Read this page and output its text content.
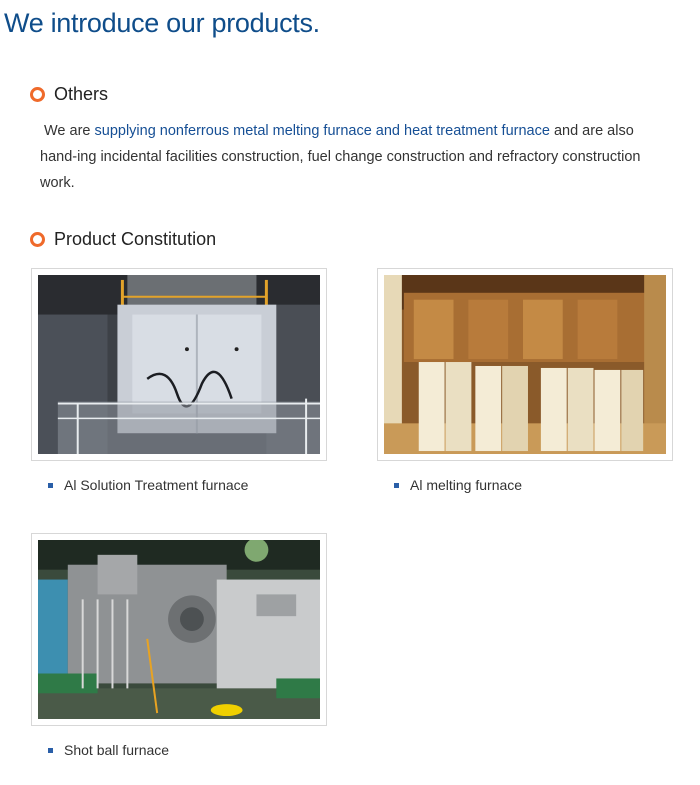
We introduce our products.
Others

We are supplying nonferrous metal melting furnace and heat treatment furnace and are also hand-ing incidental facilities construction, fuel change construction and refractory construction work.

Product Constitution
Al Solution Treatment furnace	Al melting furnace
Shot ball furnace
